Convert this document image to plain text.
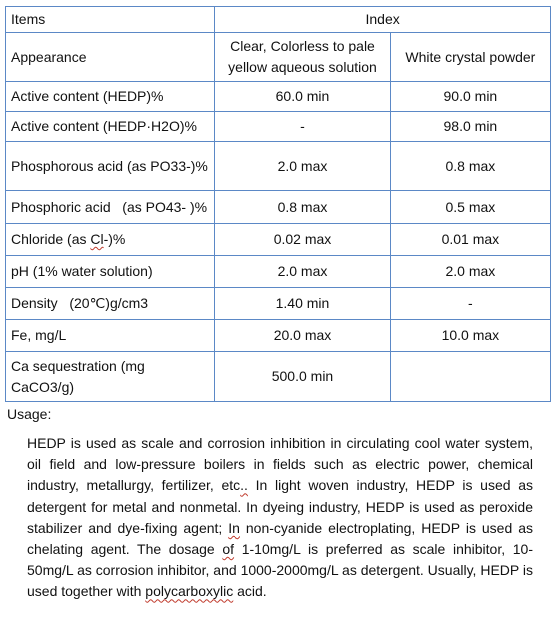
Items	Index	
Appearance	Clear, Colorless to pale yellow aqueous solution	White crystal powder
Active content (HEDP)%	60.0 min	90.0 min
Active content (HEDP·H2O)%	-	98.0 min
Phosphorous acid (as PO33-)%	2.0 max	0.8 max
Phosphoric acid   (as PO43- )%	0.8 max	0.5 max
Chloride (as Cl-)%	0.02 max	0.01 max
pH (1% water solution)	2.0 max	2.0 max
Density   (20℃)g/cm3	1.40 min	-
Fe, mg/L	20.0 max	10.0 max
Ca sequestration (mg CaCO3/g)	500.0 min	
Usage:
HEDP is used as scale and corrosion inhibition in circulating cool water system, oil field and low-pressure boilers in fields such as electric power, chemical industry, metallurgy, fertilizer, etc.. In light woven industry, HEDP is used as detergent for metal and nonmetal. In dyeing industry, HEDP is used as peroxide stabilizer and dye-fixing agent; In non-cyanide electroplating, HEDP is used as chelating agent. The dosage of 1-10mg/L is preferred as scale inhibitor, 10-50mg/L as corrosion inhibitor, and 1000-2000mg/L as detergent. Usually, HEDP is used together with polycarboxylic acid.
